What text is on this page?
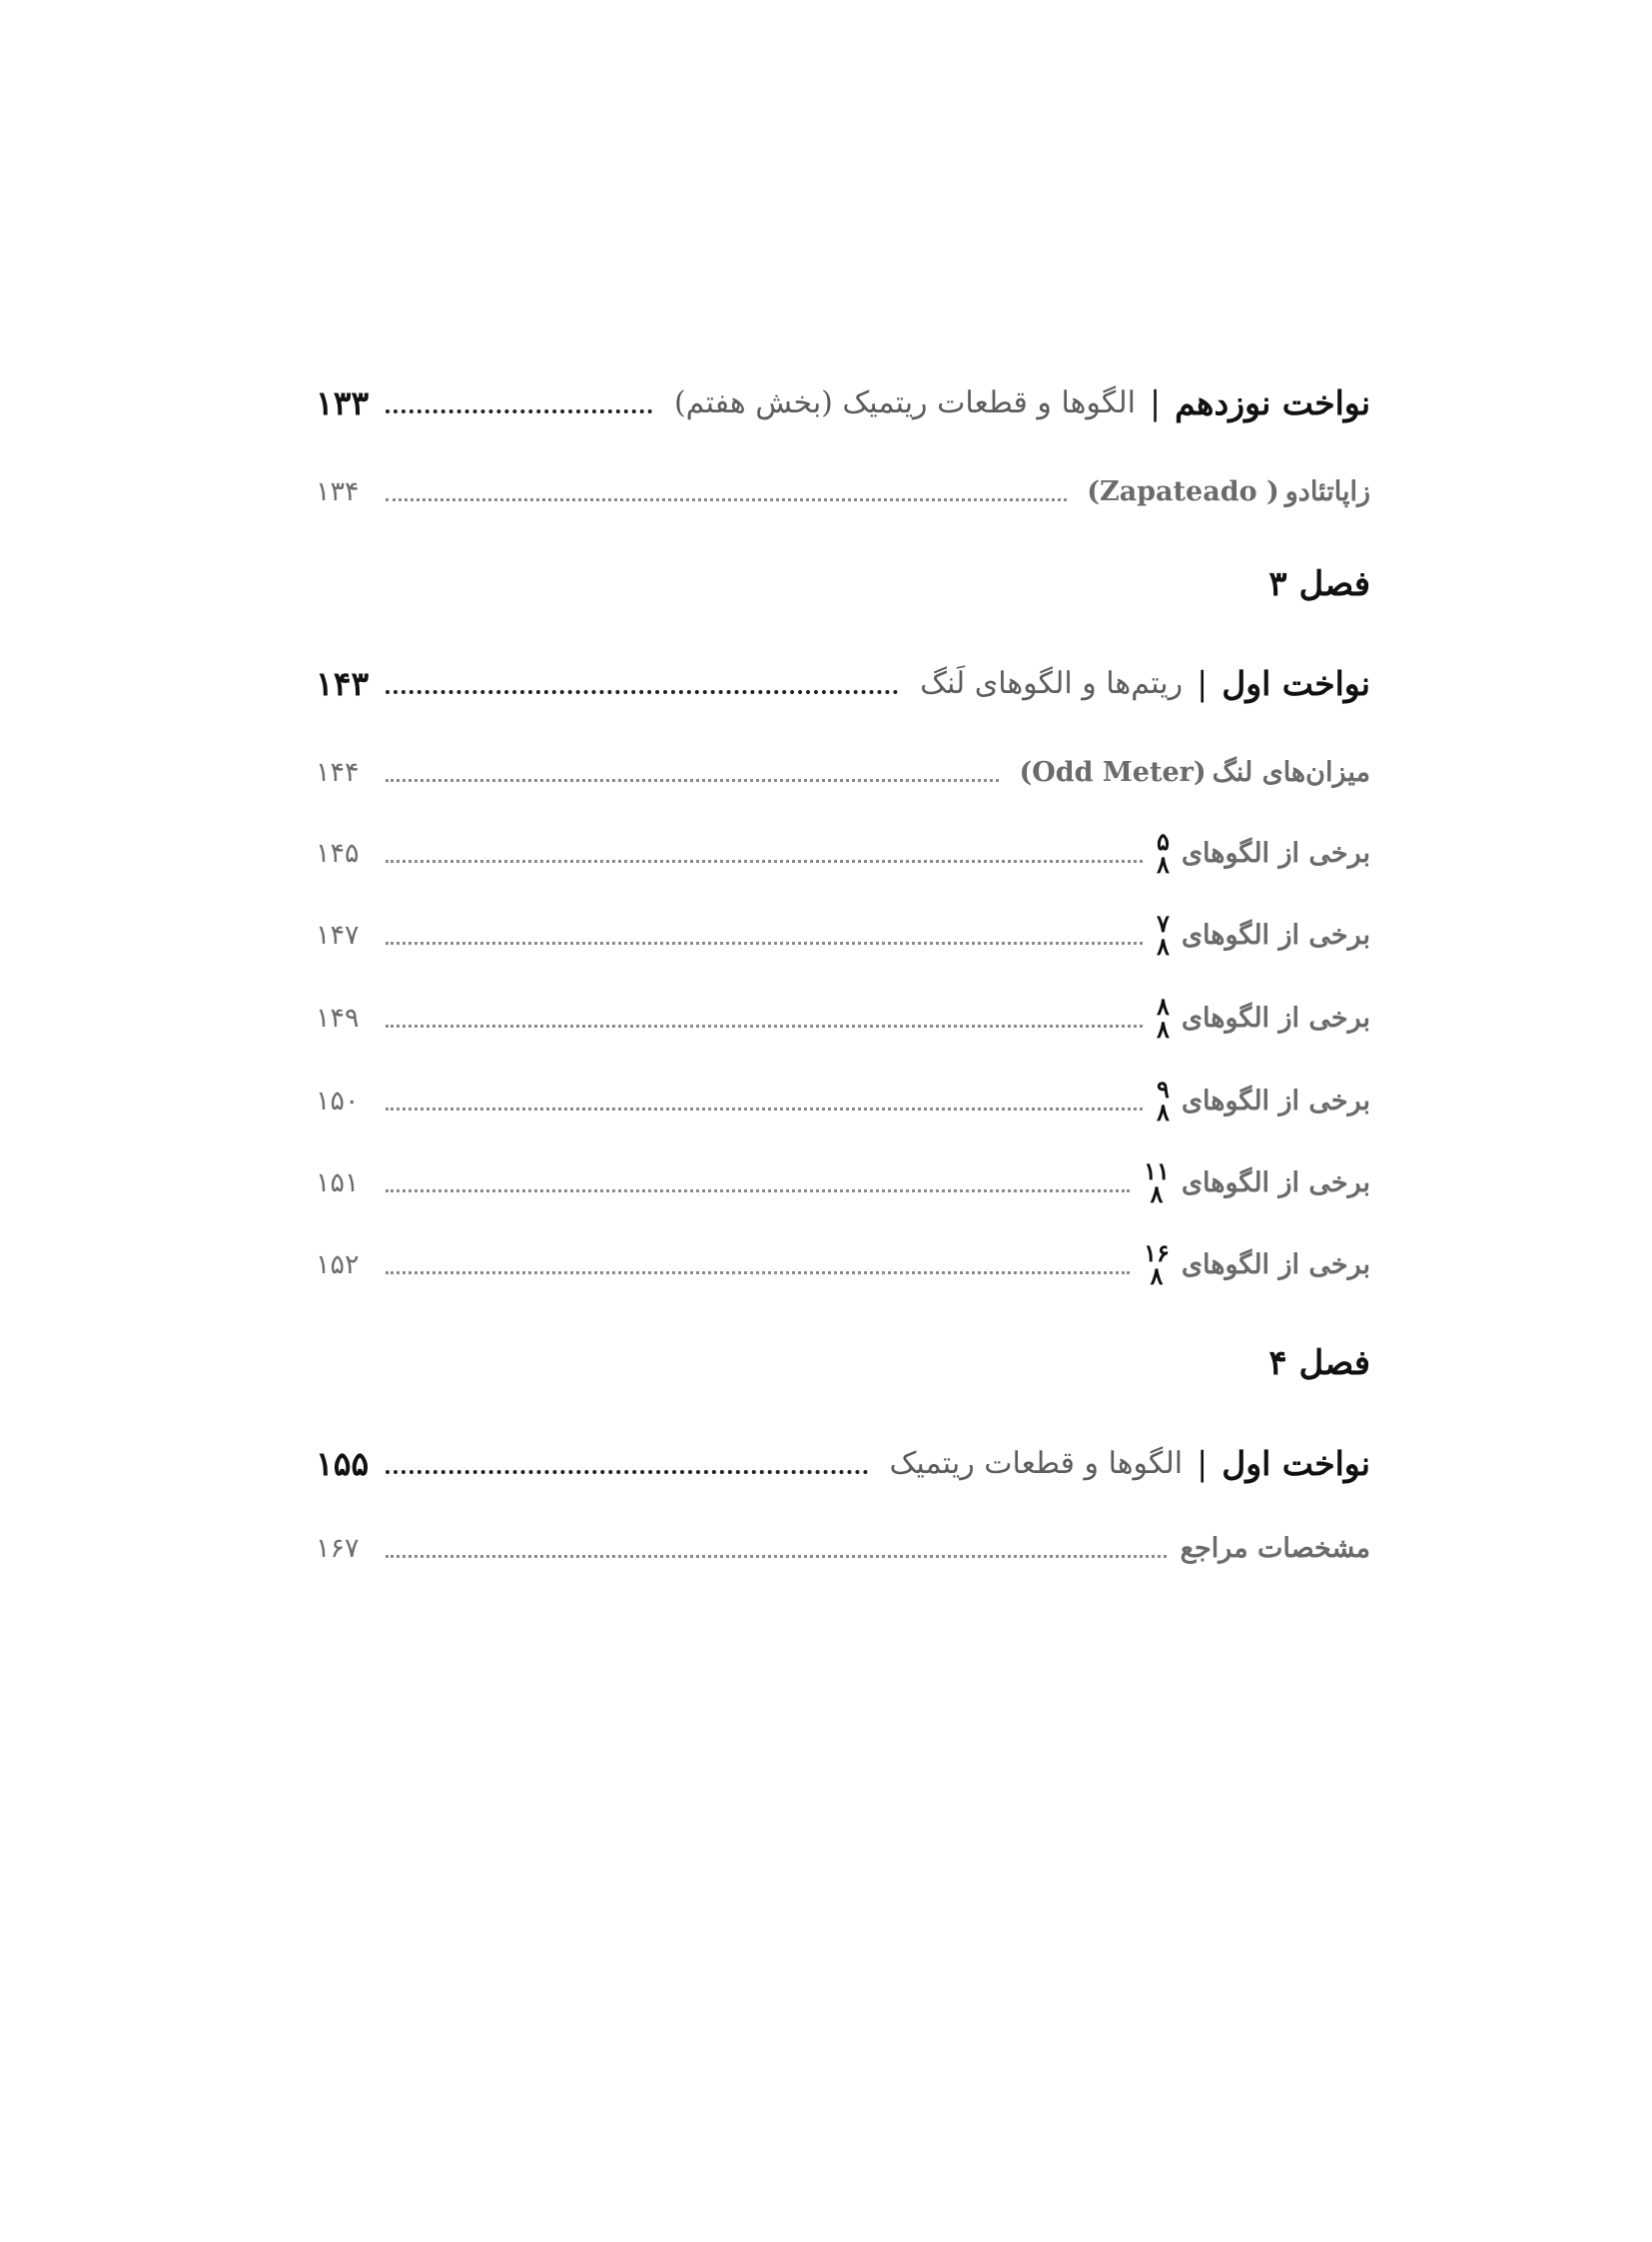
نواخت نوزدهم
|
الگوها و قطعات ریتمیک (بخش هفتم)
۱۳۳
زاپاتئادو
(Zapateado )
۱۳۴
فصل ۳
نواخت اول
|
ریتم‌ها و الگوهای لَنگ
۱۴۳
میزان‌های لنگ
(Odd Meter)
۱۴۴
برخی از الگوهای
۵
۸
۱۴۵
برخی از الگوهای
۷
۸
۱۴۷
برخی از الگوهای
۸
۸
۱۴۹
برخی از الگوهای
۹
۸
۱۵۰
برخی از الگوهای
۱۱
۸
۱۵۱
برخی از الگوهای
۱۶
۸
۱۵۲
فصل ۴
نواخت اول
|
الگوها و قطعات ریتمیک
۱۵۵
مشخصات مراجع
۱۶۷
